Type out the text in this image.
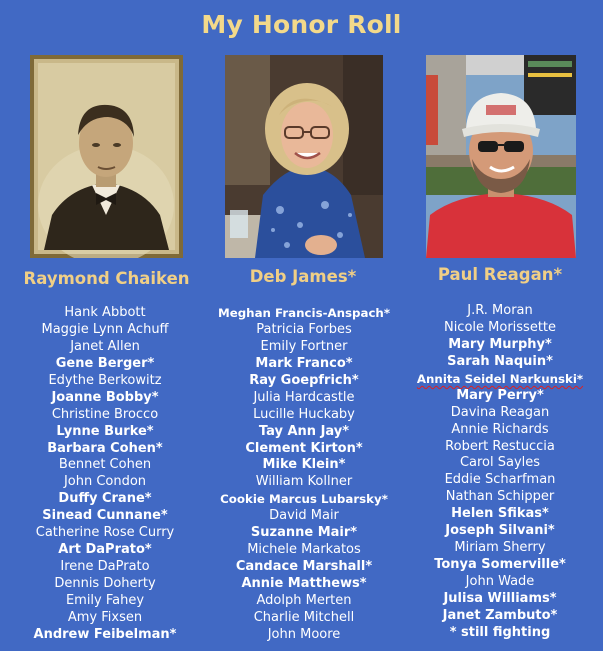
My Honor Roll
Raymond Chaiken	Deb James*	Paul Reagan*
Hank Abbott
Maggie Lynn Achuff
Janet Allen
Gene Berger*
Edythe Berkowitz
Joanne Bobby*
Christine Brocco
Lynne Burke*
Barbara Cohen*
Bennet Cohen
John Condon
Duffy Crane*
Sinead Cunnane*
Catherine Rose Curry
Art DaPrato*
Irene DaPrato
Dennis Doherty
Emily Fahey
Amy Fixsen
Andrew Feibelman*
Meghan Francis-Anspach*
Patricia Forbes
Emily Fortner
Mark Franco*
Ray Goepfrich*
Julia Hardcastle
Lucille Huckaby
Tay Ann Jay*
Clement Kirton*
Mike Klein*
William Kollner
Cookie Marcus Lubarsky*
David Mair
Suzanne Mair*
Michele Markatos
Candace Marshall*
Annie Matthews*
Adolph Merten
Charlie Mitchell
John Moore
J.R. Moran
Nicole Morissette
Mary Murphy*
Sarah Naquin*
Annita Seidel Narkunski*
Mary Perry*
Davina Reagan
Annie Richards
Robert Restuccia
Carol Sayles
Eddie Scharfman
Nathan Schipper
Helen Sfikas*
Joseph Silvani*
Miriam Sherry
Tonya Somerville*
John Wade
Julisa Williams*
Janet Zambuto*
* still fighting
